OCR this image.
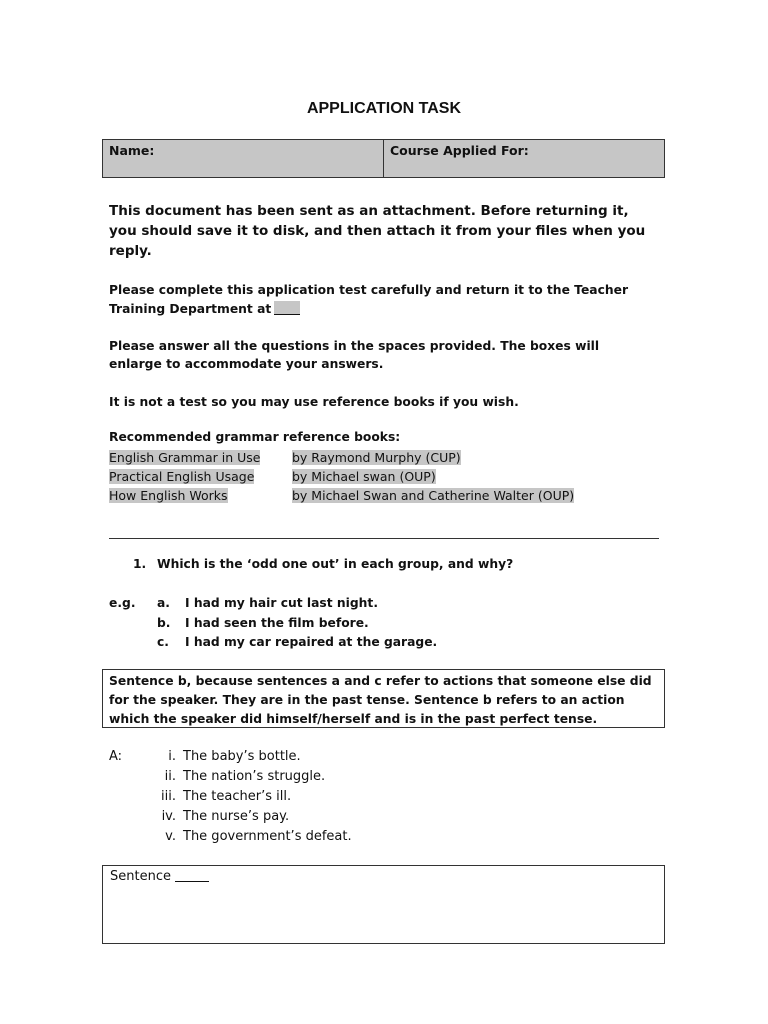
APPLICATION TASK
Name:	Course Applied For:
This document has been sent as an attachment. Before returning it, you should save it to disk, and then attach it from your files when you reply.
Please complete this application test carefully and return it to the Teacher Training Department at
Please answer all the questions in the spaces provided. The boxes will enlarge to accommodate your answers.
It is not a test so you may use reference books if you wish.
Recommended grammar reference books:
English Grammar in Use	by Raymond Murphy (CUP)
Practical English Usage	by Michael swan (OUP)
How English Works	by Michael Swan and Catherine Walter (OUP)
1. Which is the ‘odd one out’ in each group, and why?
e.g.	a.	I had my hair cut last night.
b.	I had seen the film before.
c.	I had my car repaired at the garage.
Sentence b, because sentences a and c refer to actions that someone else did for the speaker. They are in the past tense. Sentence b refers to an action which the speaker did himself/herself and is in the past perfect tense.
A:	i. The baby’s bottle.
ii. The nation’s struggle.
iii. The teacher’s ill.
iv. The nurse’s pay.
v. The government’s defeat.
Sentence
